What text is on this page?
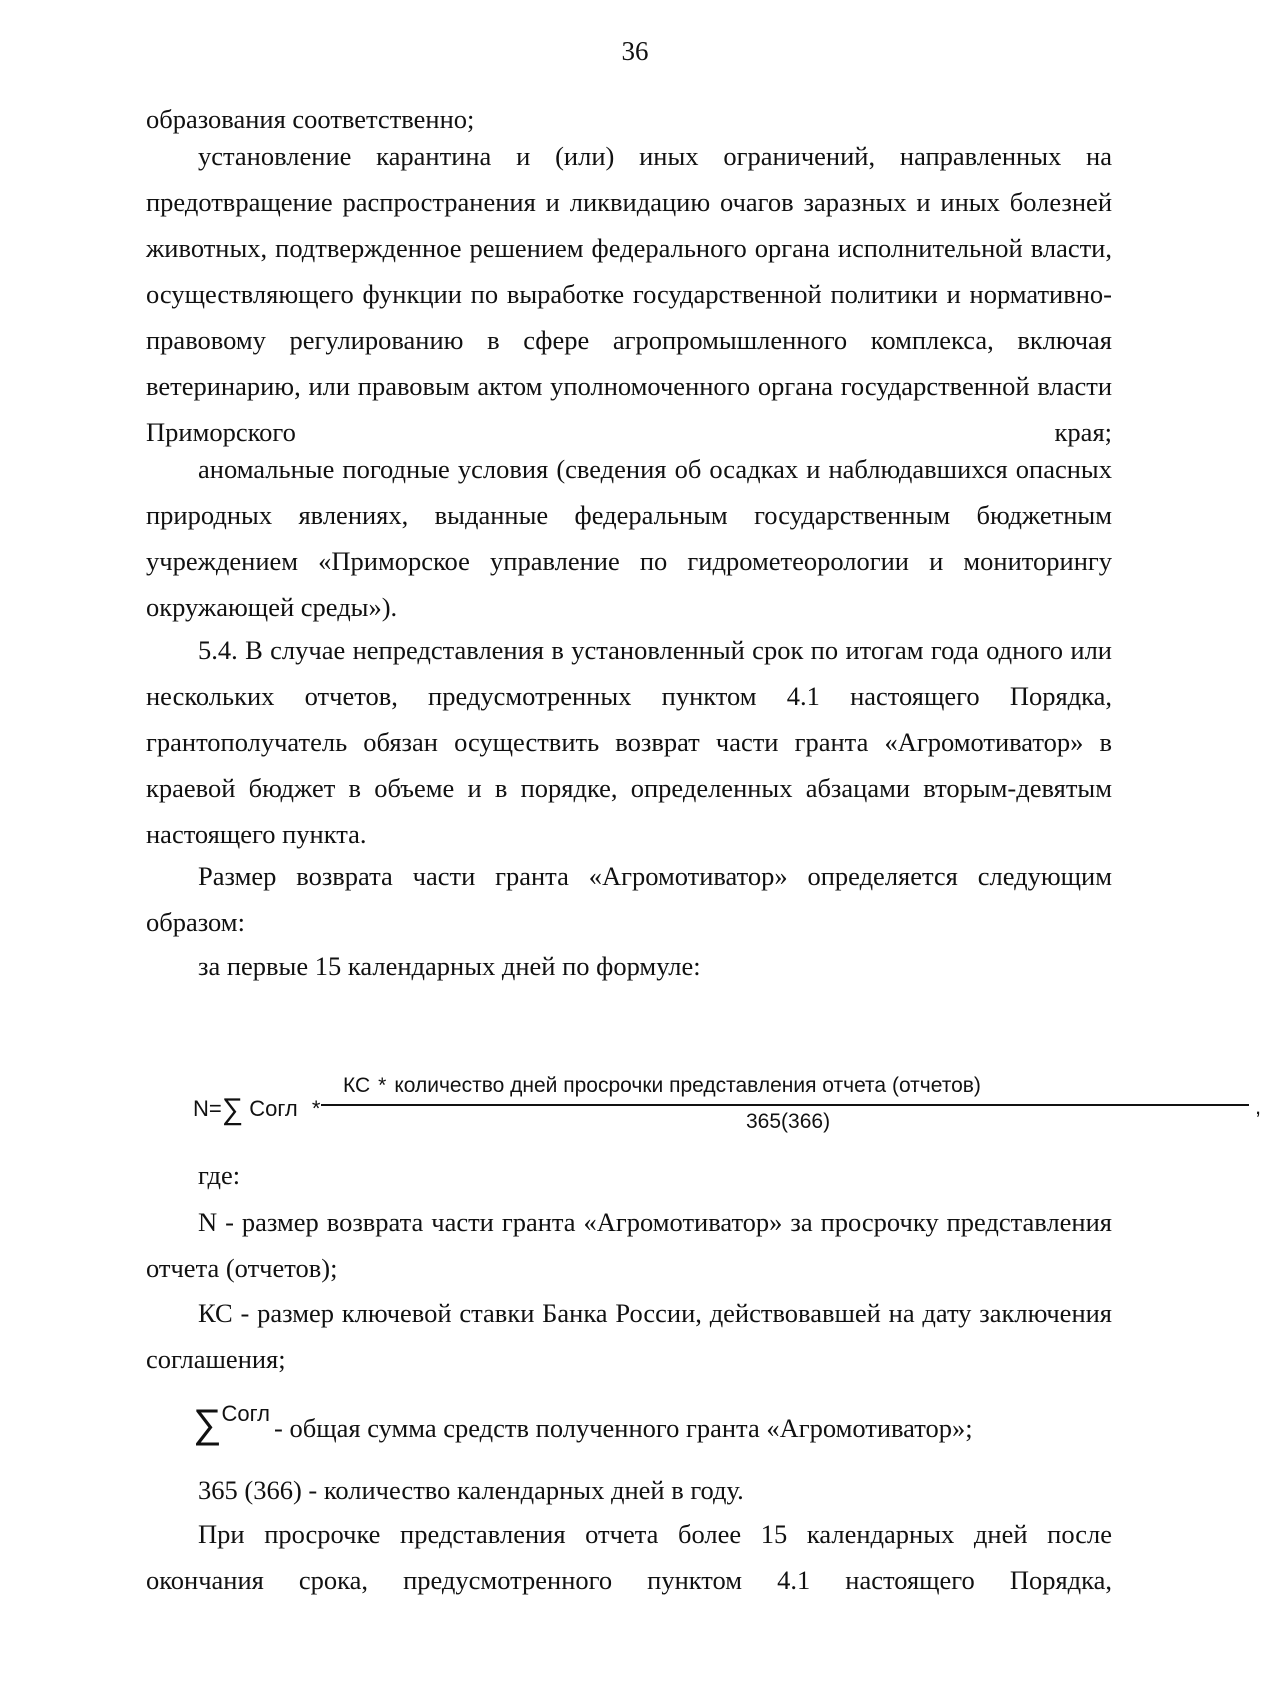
36

образования соответственно;

установление карантина и (или) иных ограничений, направленных на предотвращение распространения и ликвидацию очагов заразных и иных болезней животных, подтвержденное решением федерального органа исполнительной власти, осуществляющего функции по выработке государственной политики и нормативно-правовому регулированию в сфере агропромышленного комплекса, включая ветеринарию, или правовым актом уполномоченного органа государственной власти Приморского края;

аномальные погодные условия (сведения об осадках и наблюдавшихся опасных природных явлениях, выданные федеральным государственным бюджетным учреждением «Приморское управление по гидрометеорологии и мониторингу окружающей среды»).

5.4. В случае непредставления в установленный срок по итогам года одного или нескольких отчетов, предусмотренных пунктом 4.1 настоящего Порядка, грантополучатель обязан осуществить возврат части гранта «Агромотиватор» в краевой бюджет в объеме и в порядке, определенных абзацами вторым-девятым настоящего пункта.

Размер возврата части гранта «Агромотиватор» определяется следующим образом:

за первые 15 календарных дней по формуле:

N=∑ Согл *
КС * количество дней просрочки представления отчета (отчетов)
365(366)
,

где:

N - размер возврата части гранта «Агромотиватор» за просрочку представления отчета (отчетов);

КС - размер ключевой ставки Банка России, действовавшей на дату заключения соглашения;

∑Согл - общая сумма средств полученного гранта «Агромотиватор»;

365 (366) - количество календарных дней в году.

При просрочке представления отчета более 15 календарных дней после окончания срока, предусмотренного пунктом 4.1 настоящего Порядка,
